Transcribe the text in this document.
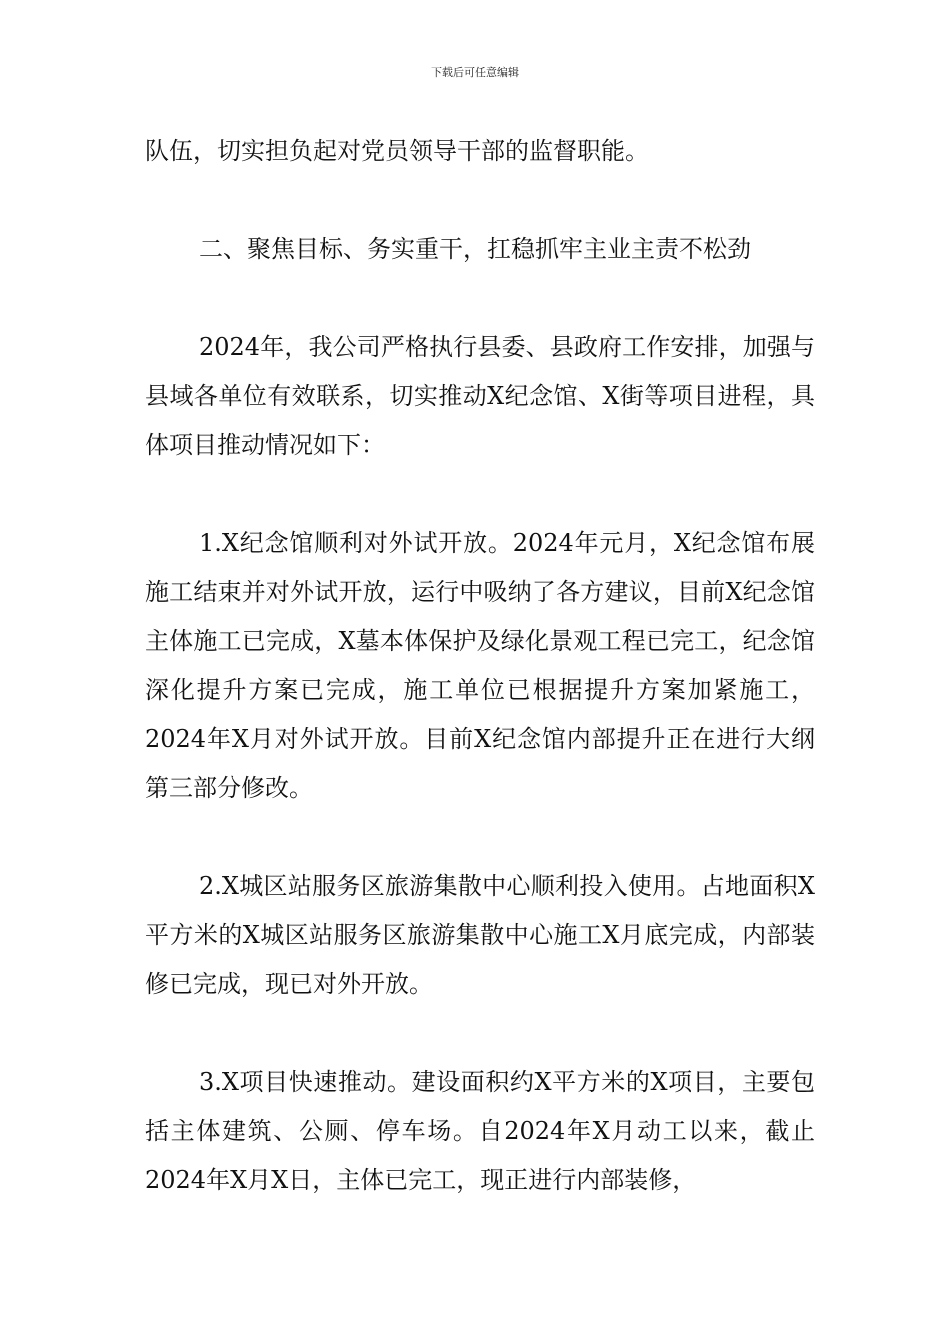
下载后可任意编辑

队伍，切实担负起对党员领导干部的监督职能。

二、聚焦目标、务实重干，扛稳抓牢主业主责不松劲

2024年，我公司严格执行县委、县政府工作安排，加强与县域各单位有效联系，切实推动X纪念馆、X街等项目进程，具体项目推动情况如下：

1.X纪念馆顺利对外试开放。2024年元月，X纪念馆布展施工结束并对外试开放，运行中吸纳了各方建议，目前X纪念馆主体施工已完成，X墓本体保护及绿化景观工程已完工，纪念馆深化提升方案已完成，施工单位已根据提升方案加紧施工，2024年X月对外试开放。目前X纪念馆内部提升正在进行大纲第三部分修改。

2.X城区站服务区旅游集散中心顺利投入使用。占地面积X平方米的X城区站服务区旅游集散中心施工X月底完成，内部装修已完成，现已对外开放。

3.X项目快速推动。建设面积约X平方米的X项目，主要包括主体建筑、公厕、停车场。自2024年X月动工以来，截止2024年X月X日，主体已完工，现正进行内部装修，
